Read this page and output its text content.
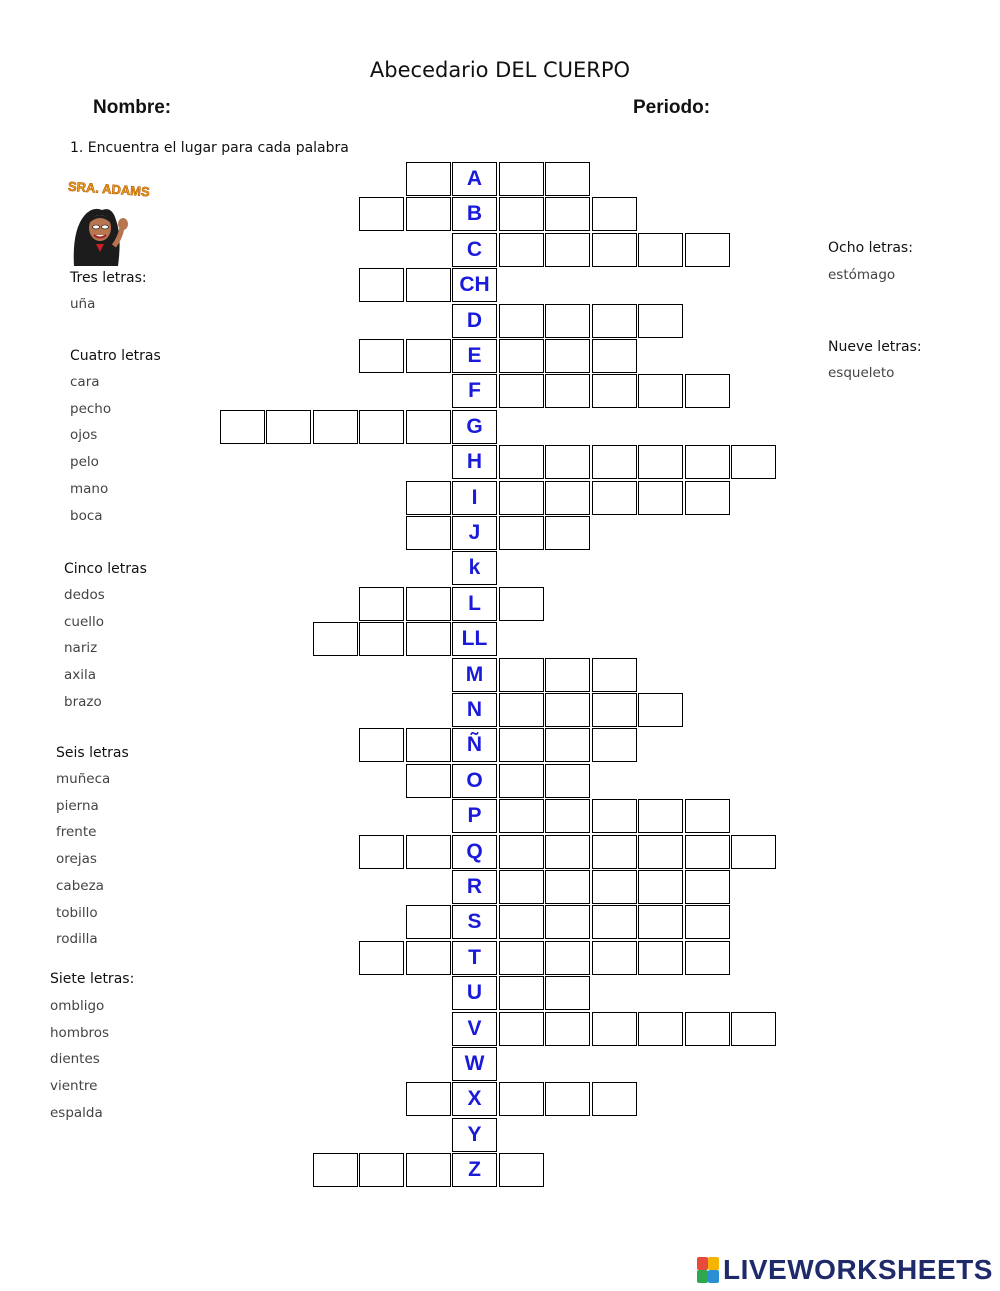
Abecedario DEL CUERPO
Nombre:	Periodo:
1. Encuentra el lugar para cada palabra
SRA. ADAMS
Tres letras:
uña
Cuatro letras
cara
pecho
ojos
pelo
mano
boca
Cinco letras
dedos
cuello
nariz
axila
brazo
Seis letras
muñeca
pierna
frente
orejas
cabeza
tobillo
rodilla
Siete letras:
ombligo
hombros
dientes
vientre
espalda
Ocho letras:
estómago
Nueve letras:
esqueleto
A
B
C
CH
D
E
F
G
H
I
J
k
L
LL
M
N
Ñ
O
P
Q
R
S
T
U
V
W
X
Y
Z
LIVEWORKSHEETS
